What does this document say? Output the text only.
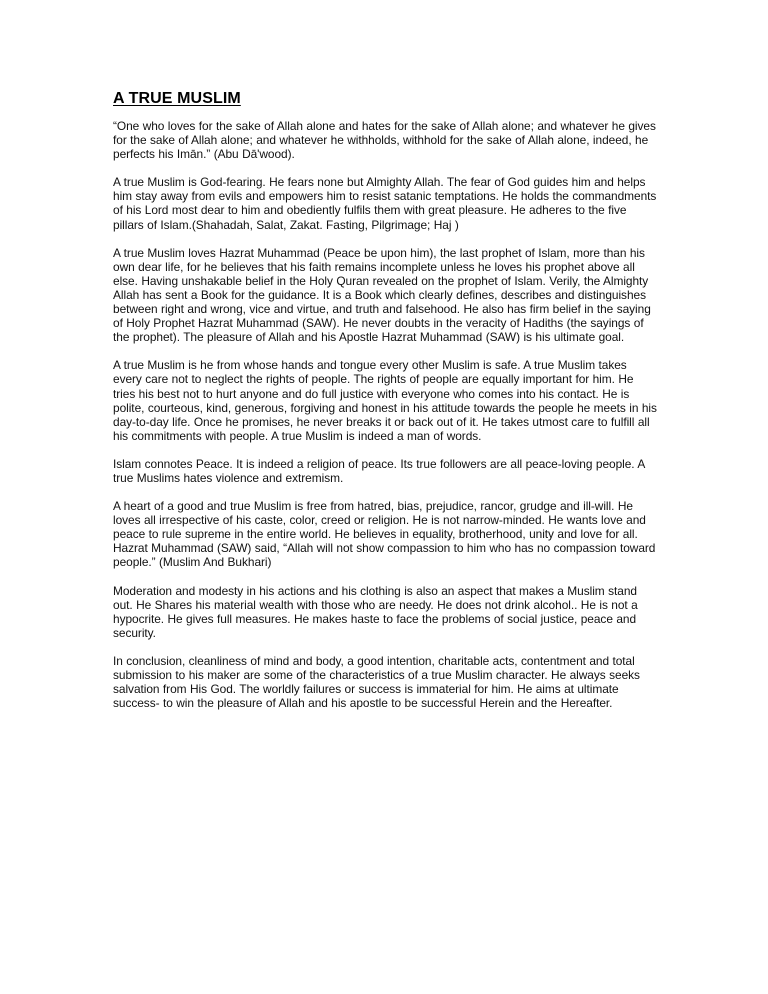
A TRUE MUSLIM

“One who loves for the sake of Allah alone and hates for the sake of Allah alone; and whatever he gives for the sake of Allah alone; and whatever he withholds, withhold for the sake of Allah alone, indeed, he perfects his Imān.” (Abu Dā'wood).

A true Muslim is God-fearing. He fears none but Almighty Allah. The fear of God guides him and helps him stay away from evils and empowers him to resist satanic temptations. He holds the commandments of his Lord most dear to him and obediently fulfils them with great pleasure. He adheres to the five pillars of Islam.(Shahadah, Salat, Zakat. Fasting, Pilgrimage; Haj )

A true Muslim loves Hazrat Muhammad (Peace be upon him), the last prophet of Islam, more than his own dear life, for he believes that his faith remains incomplete unless he loves his prophet above all else. Having unshakable belief in the Holy Quran revealed on the prophet of Islam. Verily, the Almighty Allah has sent a Book for the guidance. It is a Book which clearly defines, describes and distinguishes between right and wrong, vice and virtue, and truth and falsehood. He also has firm belief in the saying of Holy Prophet Hazrat Muhammad (SAW). He never doubts in the veracity of Hadiths (the sayings of the prophet). The pleasure of Allah and his Apostle Hazrat Muhammad (SAW) is his ultimate goal.

A true Muslim is he from whose hands and tongue every other Muslim is safe. A true Muslim takes every care not to neglect the rights of people. The rights of people are equally important for him. He tries his best not to hurt anyone and do full justice with everyone who comes into his contact. He is polite, courteous, kind, generous, forgiving and honest in his attitude towards the people he meets in his day-to-day life. Once he promises, he never breaks it or back out of it. He takes utmost care to fulfill all his commitments with people. A true Muslim is indeed a man of words.

Islam connotes Peace. It is indeed a religion of peace. Its true followers are all peace-loving people. A true Muslims hates violence and extremism.

A heart of a good and true Muslim is free from hatred, bias, prejudice, rancor, grudge and ill-will. He loves all irrespective of his caste, color, creed or religion. He is not narrow-minded. He wants love and peace to rule supreme in the entire world. He believes in equality, brotherhood, unity and love for all. Hazrat Muhammad (SAW) said, “Allah will not show compassion to him who has no compassion toward people.” (Muslim And Bukhari)

Moderation and modesty in his actions and his clothing is also an aspect that makes a Muslim stand out. He Shares his material wealth with those who are needy. He does not drink alcohol.. He is not a hypocrite. He gives full measures. He makes haste to face the problems of social justice, peace and security.

In conclusion, cleanliness of mind and body, a good intention, charitable acts, contentment and total submission to his maker are some of the characteristics of a true Muslim character. He always seeks salvation from His God. The worldly failures or success is immaterial for him. He aims at ultimate success- to win the pleasure of Allah and his apostle to be successful Herein and the Hereafter.
